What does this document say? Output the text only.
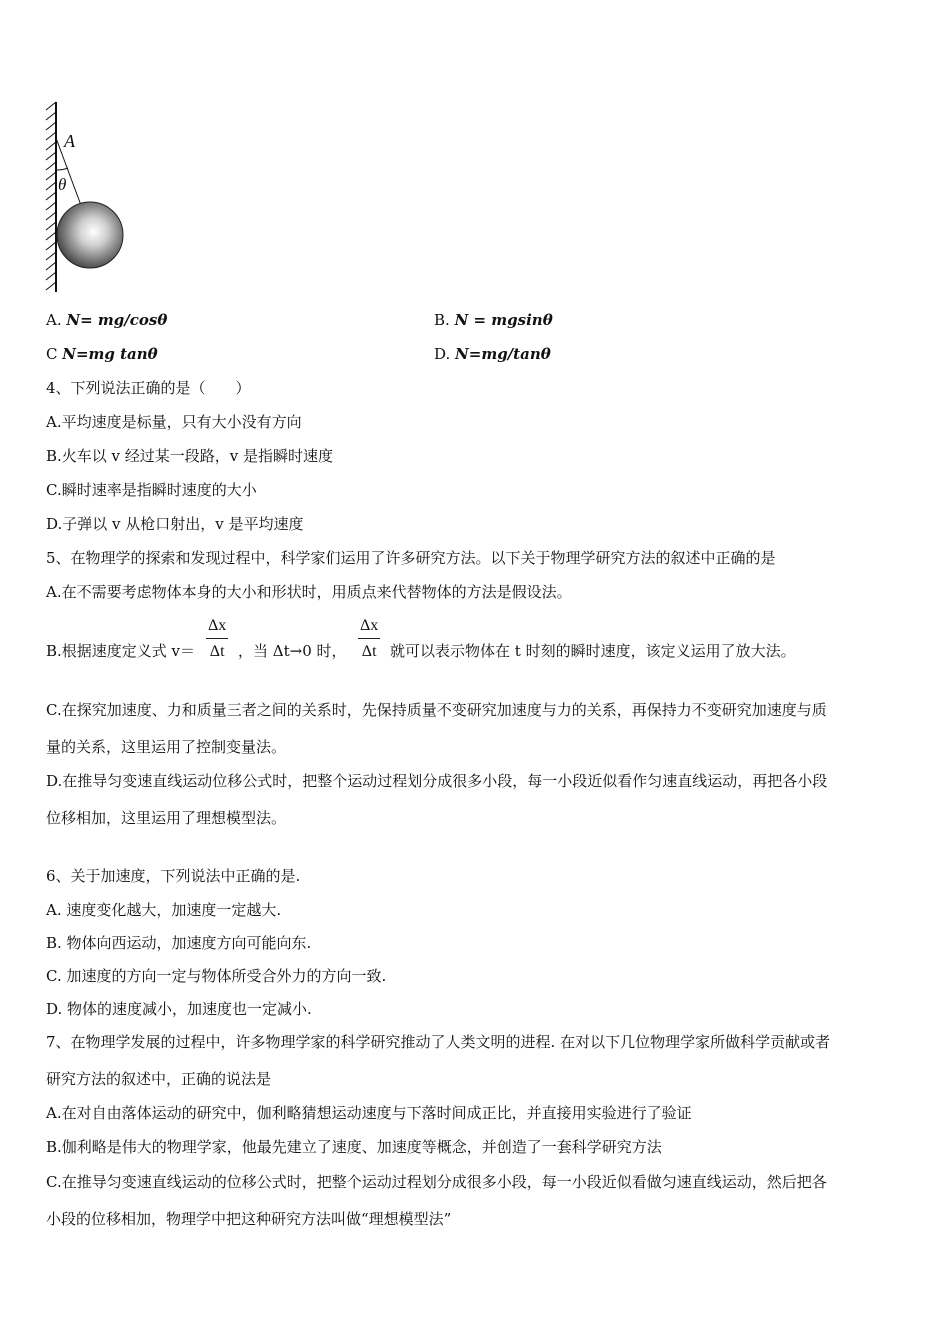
A
θ
A. N= mg/cosθ	B. N = mgsinθ
C N=mg tanθ	D. N=mg/tanθ
4、下列说法正确的是（　　）
A.平均速度是标量，只有大小没有方向
B.火车以 v 经过某一段路，v 是指瞬时速度
C.瞬时速率是指瞬时速度的大小
D.子弹以 v 从枪口射出，v 是平均速度
5、在物理学的探索和发现过程中，科学家们运用了许多研究方法。以下关于物理学研究方法的叙述中正确的是
A.在不需要考虑物体本身的大小和形状时，用质点来代替物体的方法是假设法。
B.根据速度定义式 $v= \frac{\Delta x}{\Delta t}$ ，当 Δt→0 时， $\frac{\Delta x}{\Delta t}$ 就可以表示物体在 t 时刻的瞬时速度，该定义运用了放大法。
C.在探究加速度、力和质量三者之间的关系时，先保持质量不变研究加速度与力的关系，再保持力不变研究加速度与质
量的关系，这里运用了控制变量法。
D.在推导匀变速直线运动位移公式时，把整个运动过程划分成很多小段，每一小段近似看作匀速直线运动，再把各小段
位移相加，这里运用了理想模型法。
6、关于加速度，下列说法中正确的是.
A. 速度变化越大，加速度一定越大.
B. 物体向西运动，加速度方向可能向东.
C. 加速度的方向一定与物体所受合外力的方向一致.
D. 物体的速度减小，加速度也一定减小.
7、在物理学发展的过程中，许多物理学家的科学研究推动了人类文明的进程. 在对以下几位物理学家所做科学贡献或者
研究方法的叙述中，正确的说法是
A.在对自由落体运动的研究中，伽利略猜想运动速度与下落时间成正比，并直接用实验进行了验证
B.伽利略是伟大的物理学家，他最先建立了速度、加速度等概念，并创造了一套科学研究方法
C.在推导匀变速直线运动的位移公式时，把整个运动过程划分成很多小段，每一小段近似看做匀速直线运动，然后把各
小段的位移相加，物理学中把这种研究方法叫做“理想模型法”
